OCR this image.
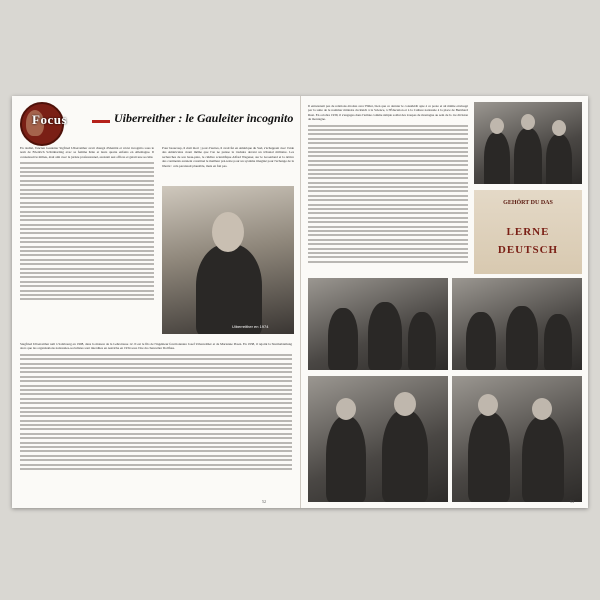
Focus	Uiberreither : le Gauleiter incognito

Pour beaucoup, il était mort ; pour d'autres, il avait fui en Amérique du Sud, s'échappant avec l'aide des Américains avant même que l'on ne puisse le traduire devant un tribunal militaire. Les recherches de son beau-père, le célèbre scientifique Alfred Wegener, sur le Groenland et la dérive des continents auraient constitué le meilleur pré-texte pour un système imaginé pour l'échange de la liberté : cela paraissait plausible, mais en fait pas.

En réalité, l'ancien Gauleiter Sigfried Uiberreither avait changé d'identité et vécut incognito sous le nom de Friedrich Schönharting avec sa femme Käte et leurs quatre enfants en Allemagne. Il connaissait le milieu, était ami avec le juriste professionnel, assistait aux offices et gérait une société.

Uiberreither en 1974

Siegfried Uiberreither naît à Salzbourg en 1908, dans la maison de la Lehrstrasse 12. Il est le fils de l'ingénieur fonctionnaire Josef Uiberreither et de Marianne Preen. En 1938, il rejoint la Sturmabteilung alors que les organisations nationales-socialistes sont interdites en Autriche en 1934 sous l'ère du chancelier Dollfuss.

52

Il entretenait pas de relations étroites avec Hitler, bien que ce dernier le considérât apte à ce poste et ait même envisagé par la suite de le nommer ministre du Reich à la Science, à l'Éducation et à la Culture nationale à la place de Bernhard Rust. En octobre 1939, il s'engagea dans l'armée comme simple soldat des troupes de montagne au sein de la 1re division de montagne.

GEHÖRT DU DAS
LERNE
DEUTSCH
53
